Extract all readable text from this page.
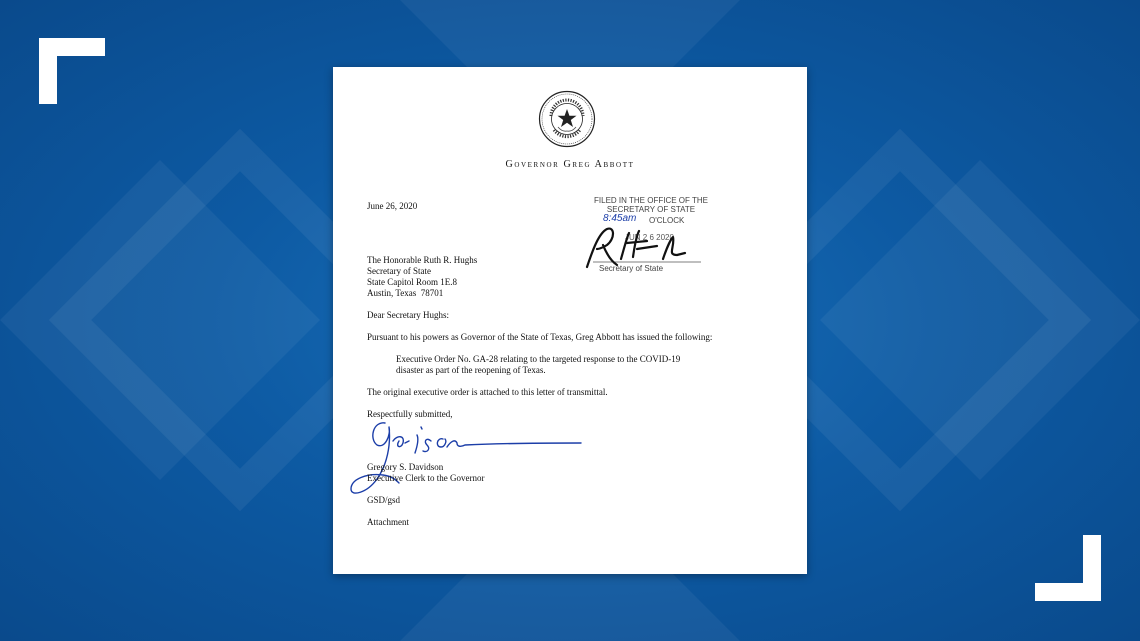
Governor Greg Abbott
June 26, 2020
FILED IN THE OFFICE OF THE
SECRETARY OF STATE
8:45am O'CLOCK
JUN 2 6 2020
Secretary of State
The Honorable Ruth R. Hughs
Secretary of State
State Capitol Room 1E.8
Austin, Texas  78701
Dear Secretary Hughs:
Pursuant to his powers as Governor of the State of Texas, Greg Abbott has issued the following:
Executive Order No. GA-28 relating to the targeted response to the COVID-19
disaster as part of the reopening of Texas.
The original executive order is attached to this letter of transmittal.
Respectfully submitted,
Gregory S. Davidson
Executive Clerk to the Governor
GSD/gsd
Attachment
